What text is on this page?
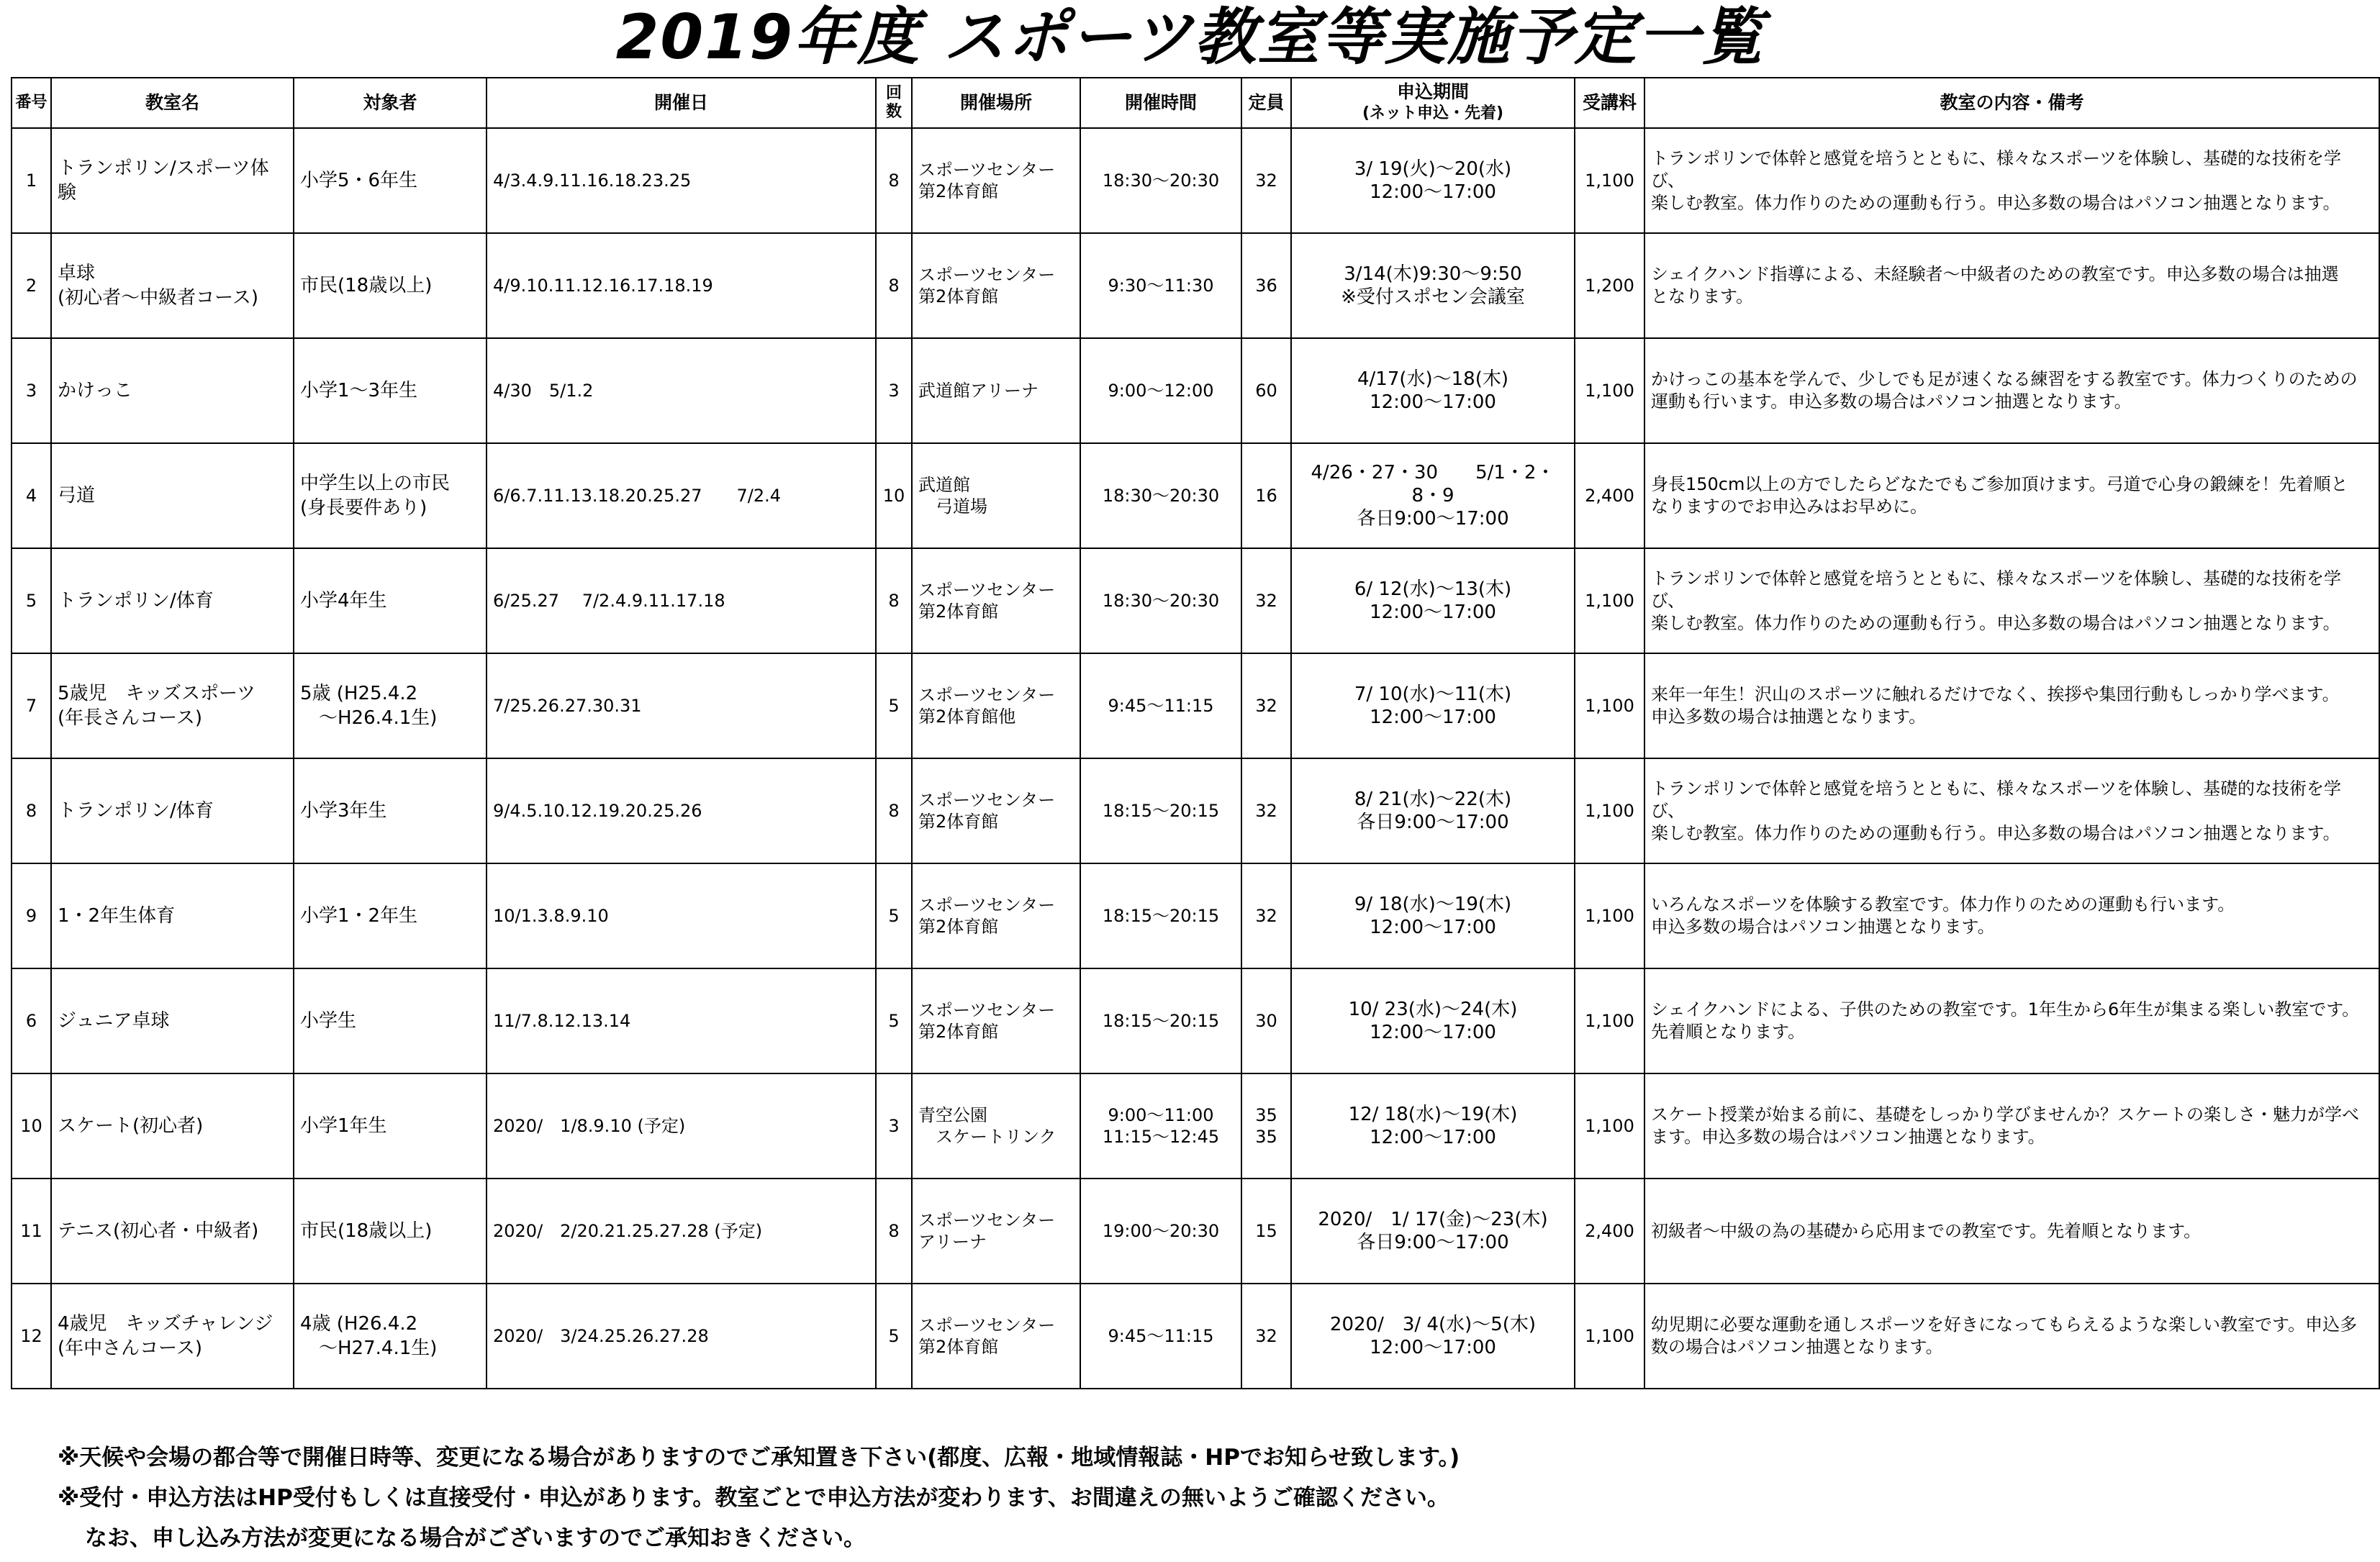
2019年度 スポーツ教室等実施予定一覧
番号	教室名	対象者	開催日	回数	開催場所	開催時間	定員	申込期間
(ネット申込・先着)	受講料	教室の内容・備考
1	トランポリン/スポーツ体験	小学5・6年生	4/3.4.9.11.16.18.23.25	8	スポーツセンター
第2体育館	18:30〜20:30	32	3/ 19(火)〜20(水)
12:00〜17:00	1,100	トランポリンで体幹と感覚を培うとともに、様々なスポーツを体験し、基礎的な技術を学び、
楽しむ教室。体力作りのための運動も行う。申込多数の場合はパソコン抽選となります。

2	卓球
(初心者〜中級者コース)	市民(18歳以上)	4/9.10.11.12.16.17.18.19	8	スポーツセンター
第2体育館	9:30〜11:30	36	3/14(木)9:30〜9:50
※受付スポセン会議室	1,200	シェイクハンド指導による、未経験者〜中級者のための教室です。申込多数の場合は抽選
となります。

3	かけっこ	小学1〜3年生	4/30　5/1.2	3	武道館アリーナ	9:00〜12:00	60	4/17(水)〜18(木)
12:00〜17:00	1,100	かけっこの基本を学んで、少しでも足が速くなる練習をする教室です。体力つくりのための
運動も行います。申込多数の場合はパソコン抽選となります。

4	弓道	中学生以上の市民
(身長要件あり)	6/6.7.11.13.18.20.25.27　　7/2.4	10	武道館
　弓道場	18:30〜20:30	16	4/26・27・30　　5/1・2・8・9
各日9:00〜17:00	2,400	身長150cm以上の方でしたらどなたでもご参加頂けます。弓道で心身の鍛練を！先着順と
なりますのでお申込みはお早めに。

5	トランポリン/体育	小学4年生	6/25.27　 7/2.4.9.11.17.18	8	スポーツセンター
第2体育館	18:30〜20:30	32	6/ 12(水)〜13(木)
12:00〜17:00	1,100	トランポリンで体幹と感覚を培うとともに、様々なスポーツを体験し、基礎的な技術を学び、
楽しむ教室。体力作りのための運動も行う。申込多数の場合はパソコン抽選となります。

7	5歳児　キッズスポーツ
(年長さんコース)	5歳 (H25.4.2
　～H26.4.1生)	7/25.26.27.30.31	5	スポーツセンター
第2体育館他	9:45〜11:15	32	7/ 10(水)〜11(木)
12:00〜17:00	1,100	来年一年生！沢山のスポーツに触れるだけでなく、挨拶や集団行動もしっかり学べます。
申込多数の場合は抽選となります。

8	トランポリン/体育	小学3年生	9/4.5.10.12.19.20.25.26	8	スポーツセンター
第2体育館	18:15〜20:15	32	8/ 21(水)〜22(木)
各日9:00〜17:00	1,100	トランポリンで体幹と感覚を培うとともに、様々なスポーツを体験し、基礎的な技術を学び、
楽しむ教室。体力作りのための運動も行う。申込多数の場合はパソコン抽選となります。

9	1・2年生体育	小学1・2年生	10/1.3.8.9.10	5	スポーツセンター
第2体育館	18:15〜20:15	32	9/ 18(水)〜19(木)
12:00〜17:00	1,100	いろんなスポーツを体験する教室です。体力作りのための運動も行います。
申込多数の場合はパソコン抽選となります。

6	ジュニア卓球	小学生	11/7.8.12.13.14	5	スポーツセンター
第2体育館	18:15〜20:15	30	10/ 23(水)〜24(木)
12:00〜17:00	1,100	シェイクハンドによる、子供のための教室です。1年生から6年生が集まる楽しい教室です。
先着順となります。

10	スケート(初心者)	小学1年生	2020/　1/8.9.10 (予定)	3	青空公園
　スケートリンク	9:00〜11:00
11:15〜12:45	35
35	12/ 18(水)〜19(木)
12:00〜17:00	1,100	スケート授業が始まる前に、基礎をしっかり学びませんか？スケートの楽しさ・魅力が学べ
ます。申込多数の場合はパソコン抽選となります。

11	テニス(初心者・中級者)	市民(18歳以上)	2020/　2/20.21.25.27.28 (予定)	8	スポーツセンター
アリーナ	19:00〜20:30	15	2020/　1/ 17(金)〜23(木)
各日9:00〜17:00	2,400	初級者〜中級の為の基礎から応用までの教室です。先着順となります。

12	4歳児　キッズチャレンジ
(年中さんコース)	4歳 (H26.4.2
　～H27.4.1生)	2020/　3/24.25.26.27.28	5	スポーツセンター
第2体育館	9:45〜11:15	32	2020/　3/ 4(水)〜5(木)
12:00〜17:00	1,100	幼児期に必要な運動を通しスポーツを好きになってもらえるような楽しい教室です。申込多
数の場合はパソコン抽選となります。

※天候や会場の都合等で開催日時等、変更になる場合がありますのでご承知置き下さい(都度、広報・地域情報誌・HPでお知らせ致します。)

※受付・申込方法はHP受付もしくは直接受付・申込があります。教室ごとで申込方法が変わります、お間違えの無いようご確認ください。

なお、申し込み方法が変更になる場合がございますのでご承知おきください。
